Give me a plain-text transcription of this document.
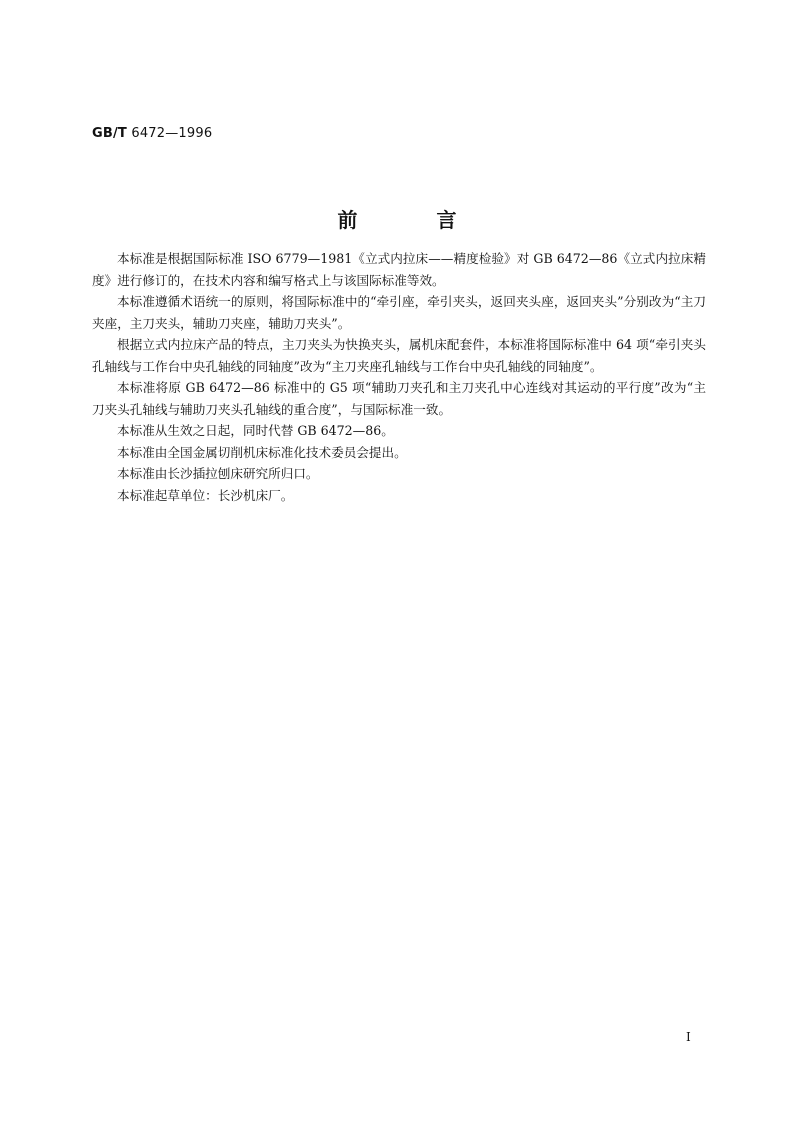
GB/T 6472—1996
前 言

本标准是根据国际标准 ISO 6779—1981《立式内拉床——精度检验》对 GB 6472—86《立式内拉床精度》进行修订的，在技术内容和编写格式上与该国际标准等效。

本标准遵循术语统一的原则，将国际标准中的“牵引座，牵引夹头，返回夹头座，返回夹头”分别改为“主刀夹座，主刀夹头，辅助刀夹座，辅助刀夹头”。

根据立式内拉床产品的特点，主刀夹头为快换夹头，属机床配套件，本标准将国际标准中 64 项“牵引夹头孔轴线与工作台中央孔轴线的同轴度”改为“主刀夹座孔轴线与工作台中央孔轴线的同轴度”。

本标准将原 GB 6472—86 标准中的 G5 项“辅助刀夹孔和主刀夹孔中心连线对其运动的平行度”改为“主刀夹头孔轴线与辅助刀夹头孔轴线的重合度”，与国际标准一致。

本标准从生效之日起，同时代替 GB 6472—86。

本标准由全国金属切削机床标准化技术委员会提出。

本标准由长沙插拉刨床研究所归口。

本标准起草单位：长沙机床厂。

I
